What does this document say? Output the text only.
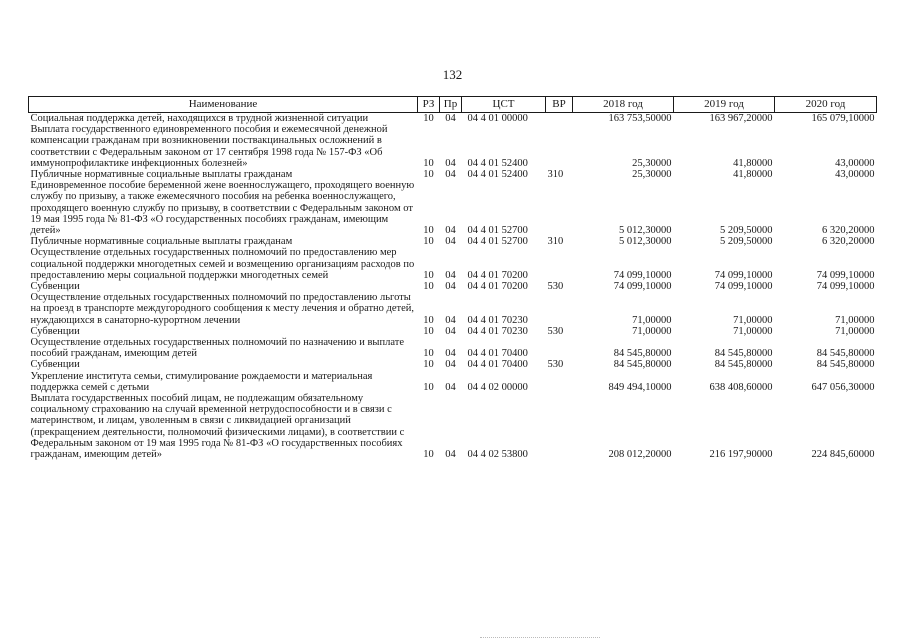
132
Наименование	РЗ	Пр	ЦСТ	ВР	2018 год	2019 год	2020 год
Социальная поддержка детей, находящихся в трудной жизненной ситуации	10	04	04 4 01 00000		163 753,50000	163 967,20000	165 079,10000
Выплата государственного единовременного пособия и ежемесячной денежной компенсации гражданам при возникновении поствакцинальных осложнений в соответствии с Федеральным законом от 17 сентября 1998 года № 157-ФЗ «Об иммунопрофилактике инфекционных болезней»	10	04	04 4 01 52400		25,30000	41,80000	43,00000
Публичные нормативные социальные выплаты гражданам	10	04	04 4 01 52400	310	25,30000	41,80000	43,00000
Единовременное пособие беременной жене военнослужащего, проходящего военную службу по призыву, а также ежемесячного пособия на ребенка военнослужащего, проходящего военную службу по призыву, в соответствии с Федеральным законом от 19 мая 1995 года № 81-ФЗ «О государственных пособиях гражданам, имеющим детей»	10	04	04 4 01 52700		5 012,30000	5 209,50000	6 320,20000
Публичные нормативные социальные выплаты гражданам	10	04	04 4 01 52700	310	5 012,30000	5 209,50000	6 320,20000
Осуществление отдельных государственных полномочий по предоставлению мер социальной поддержки многодетных семей и возмещению организациям расходов по предоставлению меры социальной поддержки многодетных семей	10	04	04 4 01 70200		74 099,10000	74 099,10000	74 099,10000
Субвенции	10	04	04 4 01 70200	530	74 099,10000	74 099,10000	74 099,10000
Осуществление отдельных государственных полномочий по предоставлению льготы на проезд в транспорте междугородного сообщения к месту лечения и обратно детей, нуждающихся в санаторно-курортном лечении	10	04	04 4 01 70230		71,00000	71,00000	71,00000
Субвенции	10	04	04 4 01 70230	530	71,00000	71,00000	71,00000
Осуществление отдельных государственных полномочий по назначению и выплате пособий гражданам, имеющим детей	10	04	04 4 01 70400		84 545,80000	84 545,80000	84 545,80000
Субвенции	10	04	04 4 01 70400	530	84 545,80000	84 545,80000	84 545,80000
Укрепление института семьи, стимулирование рождаемости и материальная поддержка семей с детьми	10	04	04 4 02 00000		849 494,10000	638 408,60000	647 056,30000
Выплата государственных пособий лицам, не подлежащим обязательному социальному страхованию на случай временной нетрудоспособности и в связи с материнством, и лицам, уволенным в связи с ликвидацией организаций (прекращением деятельности, полномочий физическими лицами), в соответствии с Федеральным законом от 19 мая 1995 года № 81-ФЗ «О государственных пособиях гражданам, имеющим детей»	10	04	04 4 02 53800		208 012,20000	216 197,90000	224 845,60000
